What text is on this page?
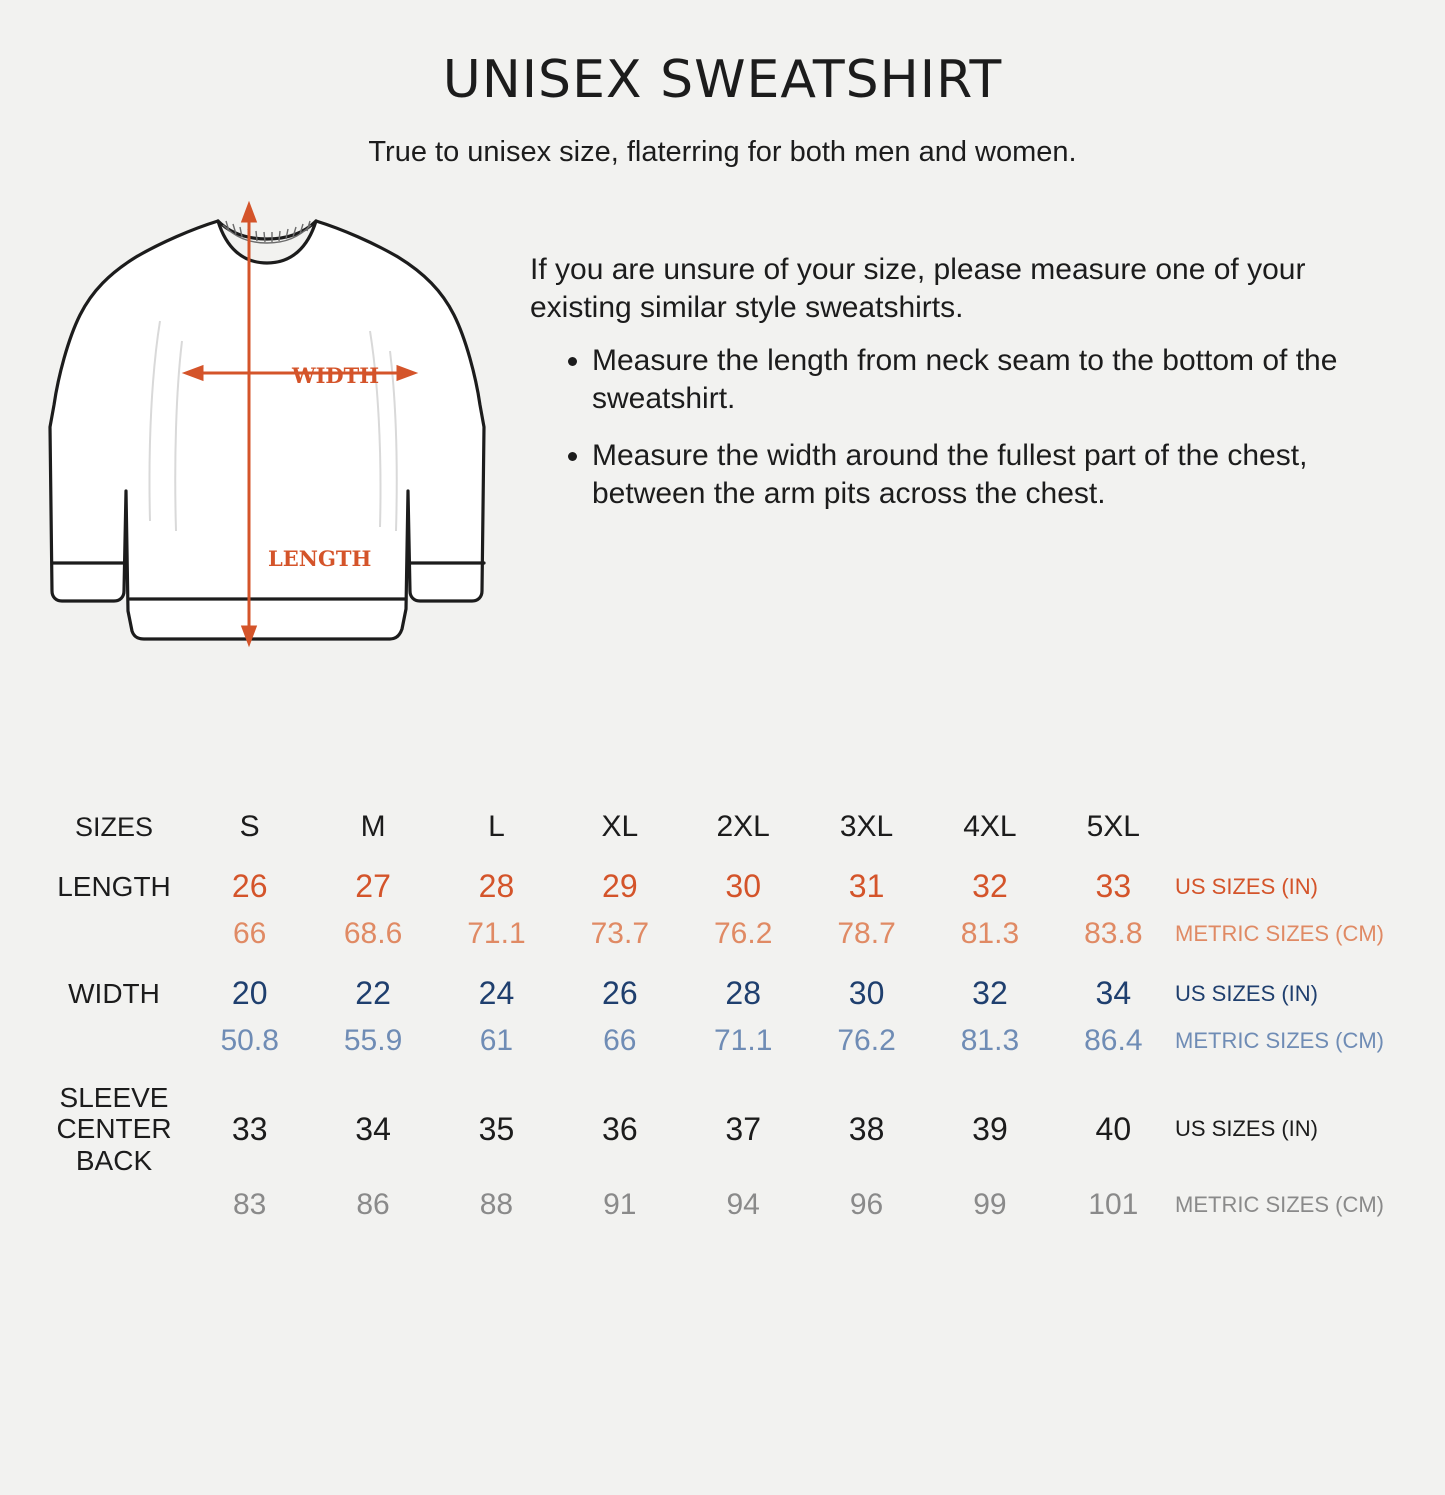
UNISEX SWEATSHIRT

True to unisex size, flaterring for both men and women.

WIDTH
LENGTH
If you are unsure of your size, please measure one of your existing similar style sweatshirts.
• Measure the length from neck seam to the bottom of the sweatshirt.
• Measure the width around the fullest part of the chest, between the arm pits across the chest.
SIZES	S	M	L	XL	2XL	3XL	4XL	5XL	

LENGTH	26	27	28	29	30	31	32	33	US SIZES (IN)

	66	68.6	71.1	73.7	76.2	78.7	81.3	83.8	METRIC SIZES (CM)

WIDTH	20	22	24	26	28	30	32	34	US SIZES (IN)

	50.8	55.9	61	66	71.1	76.2	81.3	86.4	METRIC SIZES (CM)

SLEEVE
CENTER
BACK	33	34	35	36	37	38	39	40	US SIZES (IN)

	83	86	88	91	94	96	99	101	METRIC SIZES (CM)
